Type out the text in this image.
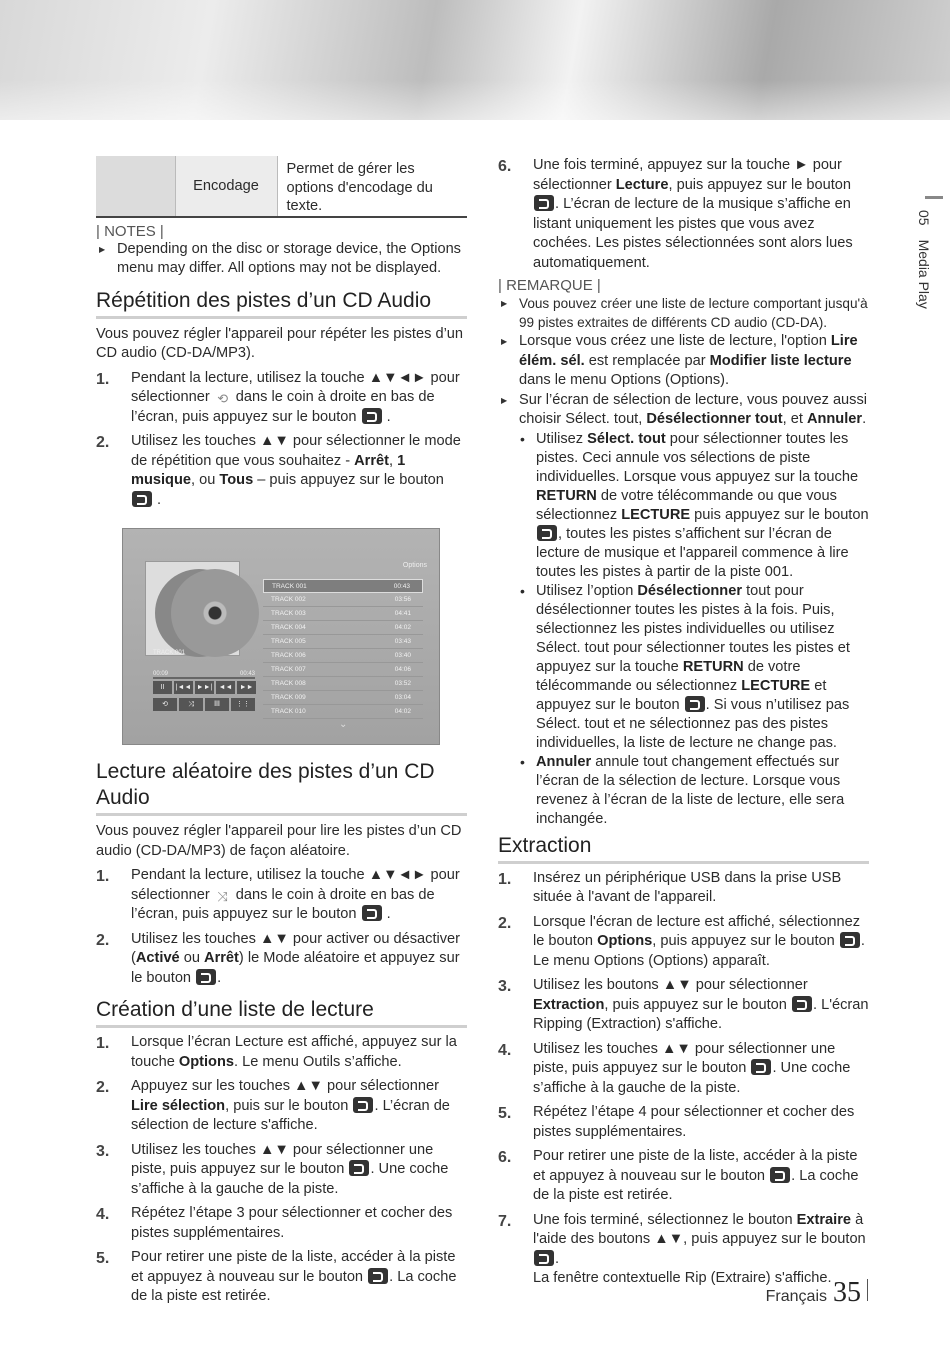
05Media Play
	Encodage	Permet de gérer les options d'encodage du texte.
| NOTES |
▶ Depending on the disc or storage device, the Options menu may differ. All options may not be displayed.
Répétition des pistes d’un CD Audio
Vous pouvez régler l'appareil pour répéter les pistes d’un CD audio (CD-DA/MP3).
1. Pendant la lecture, utilisez la touche ▲▼◄► pour sélectionner ⟲ dans le coin à droite en bas de l’écran, puis appuyez sur le bouton  .
2. Utilisez les touches ▲▼ pour sélectionner le mode de répétition que vous souhaitez - Arrêt, 1 musique, ou Tous – puis appuyez sur le bouton  .
Options
TRACK 001
00:09	00:43
II	|◄◄ ►►| ◄◄	►►
⟲	⤨	‖‖	⋮⋮
TRACK 001	00:43
TRACK 002	03:56
TRACK 003	04:41
TRACK 004	04:02
TRACK 005	03:43
TRACK 006	03:40
TRACK 007	04:06
TRACK 008	03:52
TRACK 009	03:04
TRACK 010	04:02
⌄
Lecture aléatoire des pistes d’un CD Audio
Vous pouvez régler l'appareil pour lire les pistes d’un CD audio (CD-DA/MP3) de façon aléatoire.
1. Pendant la lecture, utilisez la touche ▲▼◄► pour sélectionner ⤨ dans le coin à droite en bas de l’écran, puis appuyez sur le bouton  .
2. Utilisez les touches ▲▼ pour activer ou désactiver (Activé ou Arrêt) le Mode aléatoire et appuyez sur le bouton .
Création d’une liste de lecture
1. Lorsque l’écran Lecture est affiché, appuyez sur la touche Options. Le menu Outils s’affiche.
2. Appuyez sur les touches ▲▼ pour sélectionner Lire sélection, puis sur le bouton . L’écran de sélection de lecture s'affiche.
3. Utilisez les touches ▲▼ pour sélectionner une piste, puis appuyez sur le bouton . Une coche s’affiche à la gauche de la piste.
4. Répétez l’étape 3 pour sélectionner et cocher des pistes supplémentaires.
5. Pour retirer une piste de la liste, accéder à la piste et appuyez à nouveau sur le bouton . La coche de la piste est retirée.
6. Une fois terminé, appuyez sur la touche ► pour sélectionner Lecture, puis appuyez sur le bouton . L’écran de lecture de la musique s’affiche en listant uniquement les pistes que vous avez cochées. Les pistes sélectionnées sont alors lues automatiquement.
| REMARQUE |
▶ Vous pouvez créer une liste de lecture comportant jusqu'à 99 pistes extraites de différents CD audio (CD-DA).
▶ Lorsque vous créez une liste de lecture, l'option Lire élém. sél. est remplacée par Modifier liste lecture dans le menu Options (Options).
▶ Sur l’écran de sélection de lecture, vous pouvez aussi choisir Sélect. tout, Désélectionner tout, et Annuler.
• Utilisez Sélect. tout pour sélectionner toutes les pistes. Ceci annule vos sélections de piste individuelles. Lorsque vous appuyez sur la touche RETURN de votre télécommande ou que vous sélectionnez LECTURE puis appuyez sur le bouton , toutes les pistes s’affichent sur l’écran de lecture de musique et l'appareil commence à lire toutes les pistes à partir de la piste 001.
• Utilisez l’option Désélectionner tout pour désélectionner toutes les pistes à la fois. Puis, sélectionnez les pistes individuelles ou utilisez Sélect. tout pour sélectionner toutes les pistes et appuyez sur la touche RETURN de votre télécommande ou sélectionnez LECTURE et appuyez sur le bouton . Si vous n’utilisez pas Sélect. tout et ne sélectionnez pas des pistes individuelles, la liste de lecture ne change pas.
• Annuler annule tout changement effectués sur l’écran de la sélection de lecture. Lorsque vous revenez à l’écran de la liste de lecture, elle sera inchangée.
Extraction
1. Insérez un périphérique USB dans la prise USB située à l'avant de l'appareil.
2. Lorsque l'écran de lecture est affiché, sélectionnez le bouton Options, puis appuyez sur le bouton . Le menu Options (Options) apparaît.
3. Utilisez les boutons ▲▼ pour sélectionner Extraction, puis appuyez sur le bouton . L'écran Ripping (Extraction) s'affiche.
4. Utilisez les touches ▲▼ pour sélectionner une piste, puis appuyez sur le bouton . Une coche s’affiche à la gauche de la piste.
5. Répétez l’étape 4 pour sélectionner et cocher des pistes supplémentaires.
6. Pour retirer une piste de la liste, accéder à la piste et appuyez à nouveau sur le bouton . La coche de la piste est retirée.
7. Une fois terminé, sélectionnez le bouton Extraire à l'aide des boutons ▲▼, puis appuyez sur le bouton .
La fenêtre contextuelle Rip (Extraire) s'affiche.
Français 35
